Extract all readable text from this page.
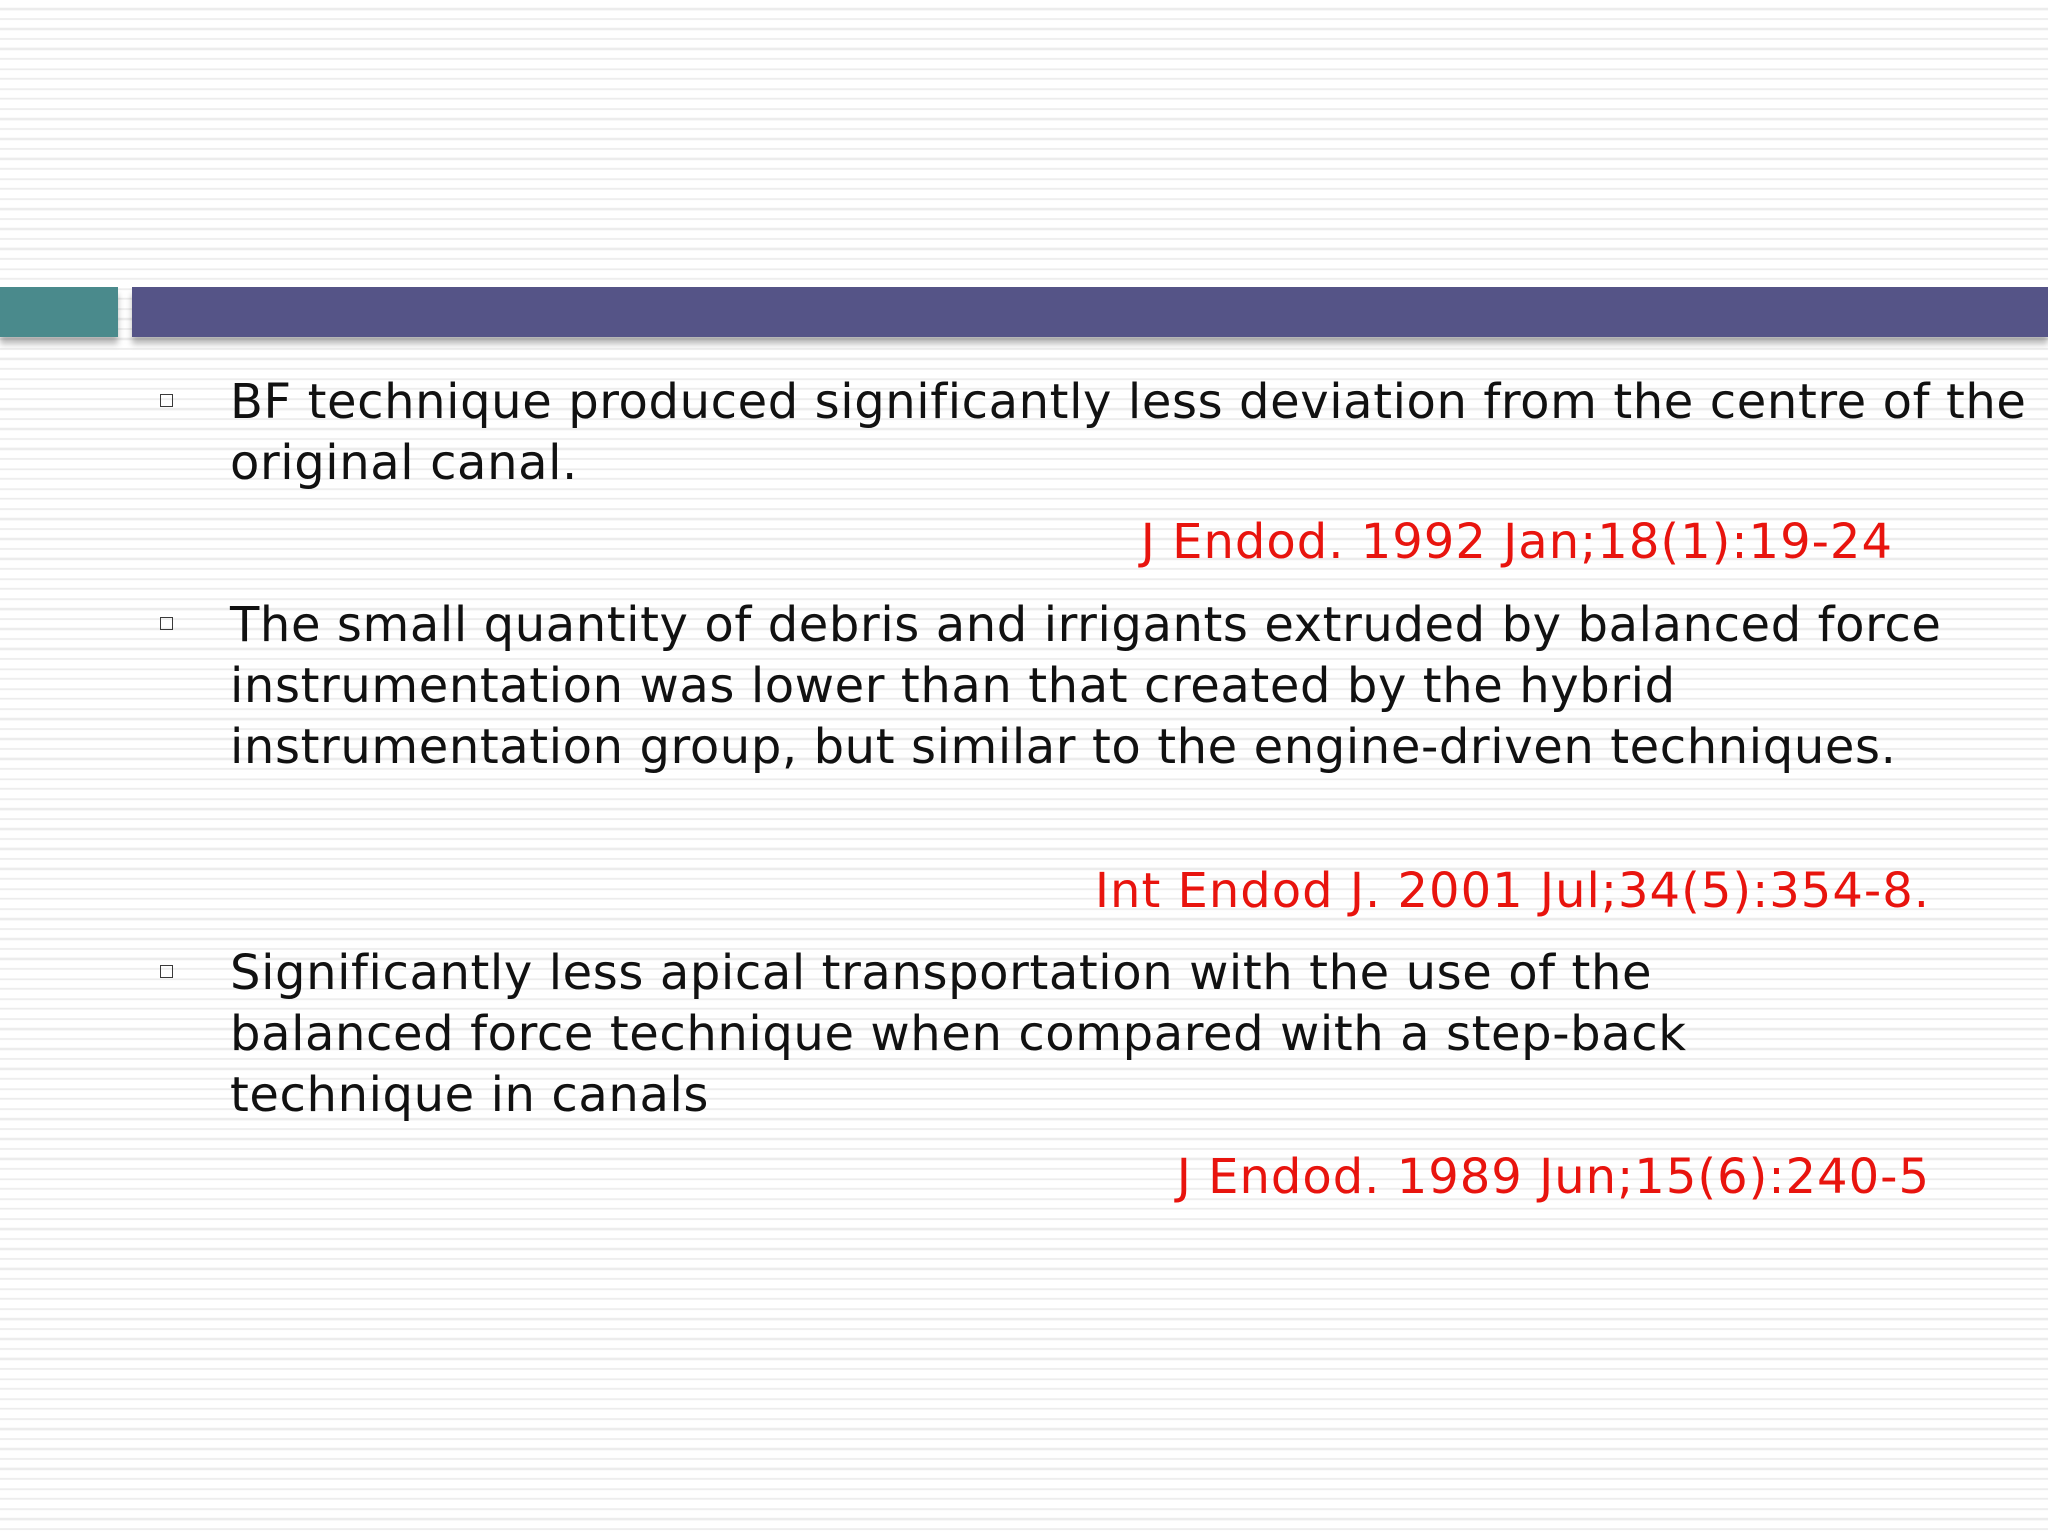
BF technique produced significantly less deviation from the centre of the original canal.

J Endod. 1992 Jan;18(1):19-24

The small quantity of debris and irrigants extruded by balanced force instrumentation was lower than that created by the hybrid instrumentation group, but similar to the engine-driven techniques.

Int Endod J. 2001 Jul;34(5):354-8.

Significantly less apical transportation with the use of the balanced force technique when compared with a step-back technique in canals

J Endod. 1989 Jun;15(6):240-5
